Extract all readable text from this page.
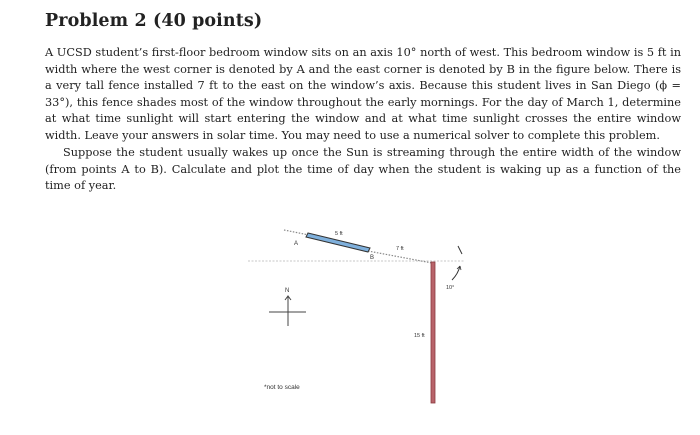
Problem 2 (40 points)

A UCSD student’s first-floor bedroom window sits on an axis 10° north of west. This bedroom window is 5 ft in width where the west corner is denoted by A and the east corner is denoted by B in the figure below. There is a very tall fence installed 7 ft to the east on the window’s axis. Because this student lives in San Diego (ϕ = 33°), this fence shades most of the window throughout the early mornings. For the day of March 1, determine at what time sunlight will start entering the window and at what time sunlight crosses the entire window width. Leave your answers in solar time. You may need to use a numerical solver to complete this problem.

Suppose the student usually wakes up once the Sun is streaming through the entire width of the window (from points A to B). Calculate and plot the time of day when the student is waking up as a function of the time of year.

A
B
5 ft
7 ft
15 ft
10°
N
*not to scale
